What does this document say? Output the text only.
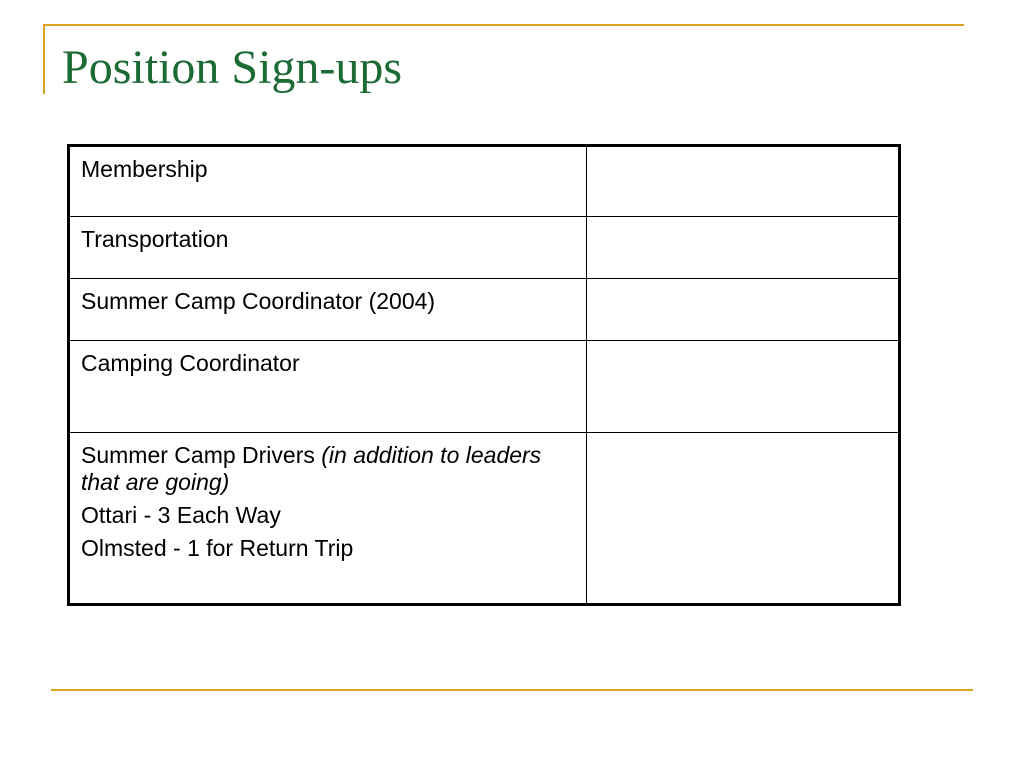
Position Sign-ups
Membership	
Transportation	
Summer Camp Coordinator (2004)	
Camping Coordinator	
Summer Camp Drivers (in addition to leaders that are going)
Ottari - 3 Each Way
Olmsted - 1 for Return Trip	
